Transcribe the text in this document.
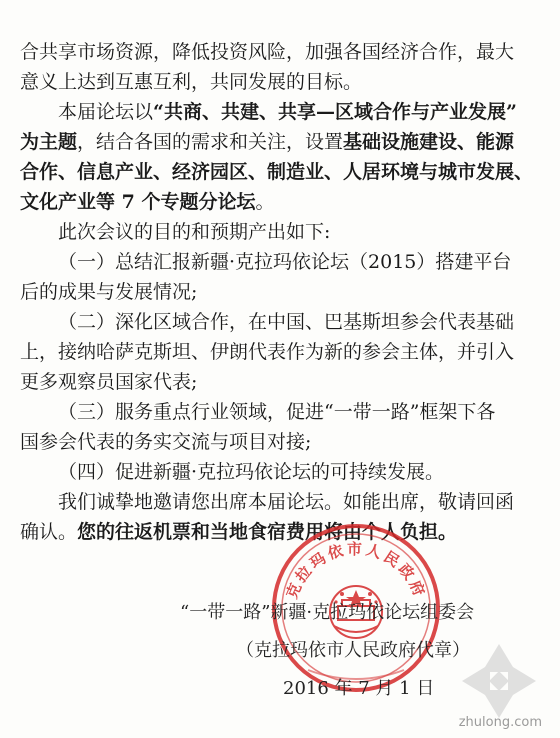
合共享市场资源，降低投资风险，加强各国经济合作，最大
意义上达到互惠互利，共同发展的目标。
本届论坛以“共商、共建、共享—区域合作与产业发展”
为主题，结合各国的需求和关注，设置基础设施建设、能源
合作、信息产业、经济园区、制造业、人居环境与城市发展、
文化产业等 7 个专题分论坛。
此次会议的目的和预期产出如下:
（一）总结汇报新疆·克拉玛依论坛（2015）搭建平台
后的成果与发展情况;
（二）深化区域合作，在中国、巴基斯坦参会代表基础
上，接纳哈萨克斯坦、伊朗代表作为新的参会主体，并引入
更多观察员国家代表;
（三）服务重点行业领域，促进“一带一路”框架下各
国参会代表的务实交流与项目对接;
（四）促进新疆·克拉玛依论坛的可持续发展。
我们诚挚地邀请您出席本届论坛。如能出席，敬请回函
确认。您的往返机票和当地食宿费用将由个人负担。
克拉玛依市人民政府
“一带一路”新疆·克拉玛依论坛组委会
（克拉玛依市人民政府代章）
2016 年 7 月 1 日
zhulong.com
